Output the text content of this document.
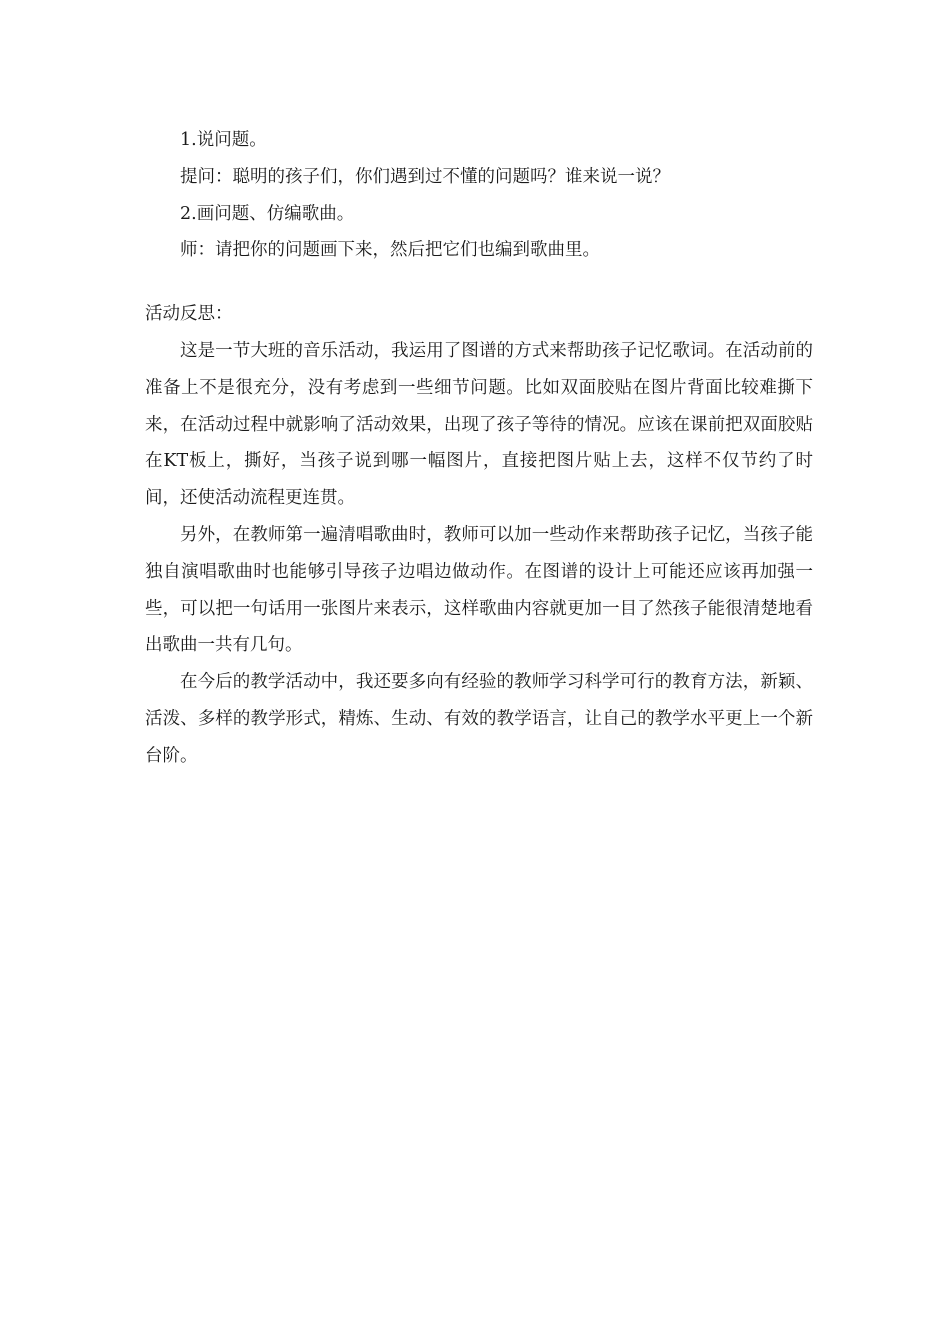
1.说问题。

提问：聪明的孩子们，你们遇到过不懂的问题吗？谁来说一说？

2.画问题、仿编歌曲。

师：请把你的问题画下来，然后把它们也编到歌曲里。

活动反思：

这是一节大班的音乐活动，我运用了图谱的方式来帮助孩子记忆歌词。在活动前的准备上不是很充分，没有考虑到一些细节问题。比如双面胶贴在图片背面比较难撕下来，在活动过程中就影响了活动效果，出现了孩子等待的情况。应该在课前把双面胶贴在KT板上，撕好，当孩子说到哪一幅图片，直接把图片贴上去，这样不仅节约了时间，还使活动流程更连贯。

另外，在教师第一遍清唱歌曲时，教师可以加一些动作来帮助孩子记忆，当孩子能独自演唱歌曲时也能够引导孩子边唱边做动作。在图谱的设计上可能还应该再加强一些，可以把一句话用一张图片来表示，这样歌曲内容就更加一目了然孩子能很清楚地看出歌曲一共有几句。

在今后的教学活动中，我还要多向有经验的教师学习科学可行的教育方法，新颖、活泼、多样的教学形式，精炼、生动、有效的教学语言，让自己的教学水平更上一个新台阶。
